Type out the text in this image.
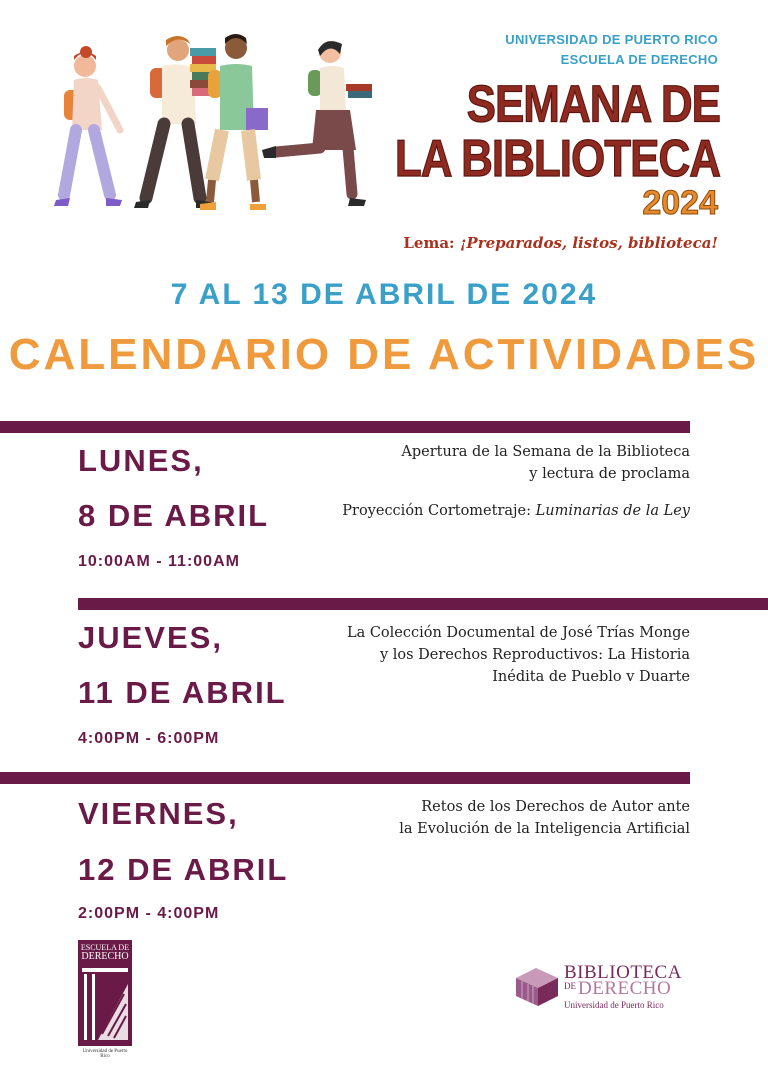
UNIVERSIDAD DE PUERTO RICO
ESCUELA DE DERECHO
SEMANA DE
LA BIBLIOTECA
2024
Lema: ¡Preparados, listos, biblioteca!
7 AL 13 DE ABRIL DE 2024
CALENDARIO DE ACTIVIDADES
LUNES,
8 DE ABRIL
10:00AM - 11:00AM
Apertura de la Semana de la Biblioteca
y lectura de proclama
Proyección Cortometraje: Luminarias de la Ley
JUEVES,
11 DE ABRIL
4:00PM - 6:00PM
La Colección Documental de José Trías Monge
y los Derechos Reproductivos: La Historia
Inédita de Pueblo v Duarte
VIERNES,
12 DE ABRIL
2:00PM - 4:00PM
Retos de los Derechos de Autor ante
la Evolución de la Inteligencia Artificial
ESCUELA DE
DERECHO
Universidad de Puerto Rico
BIBLIOTECA
DE DERECHO
Universidad de Puerto Rico
